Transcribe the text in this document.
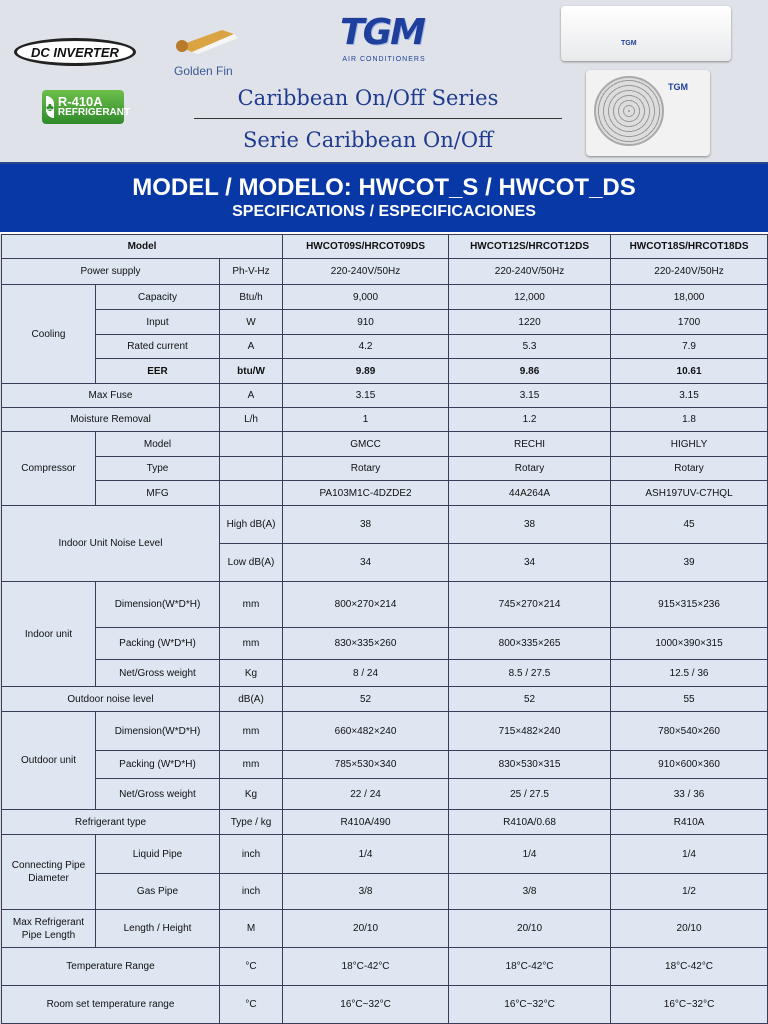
DC INVERTER
Golden Fin
♣ R-410A
REFRIGERANT
TGM
AIR CONDITIONERS
Caribbean On/Off Series
Serie Caribbean On/Off
TGM
TGM
MODEL / MODELO: HWCOT_S / HWCOT_DS
SPECIFICATIONS / ESPECIFICACIONES
Model			HWCOT09S/HRCOT09DS	HWCOT12S/HRCOT12DS	HWCOT18S/HRCOT18DS
Power supply		Ph-V-Hz	220-240V/50Hz	220-240V/50Hz	220-240V/50Hz
Cooling	Capacity	Btu/h	9,000	12,000	18,000
	Input	W	910	1220	1700
	Rated current	A	4.2	5.3	7.9
	EER	btu/W	9.89	9.86	10.61
Max Fuse		A	3.15	3.15	3.15
Moisture Removal		L/h	1	1.2	1.8
Compressor	Model		GMCC	RECHI	HIGHLY
	Type		Rotary	Rotary	Rotary
	MFG		PA103M1C-4DZDE2	44A264A	ASH197UV-C7HQL
Indoor Unit Noise Level		High dB(A)	38	38	45
		Low dB(A)	34	34	39
Indoor unit	Dimension(W*D*H)	mm	800×270×214	745×270×214	915×315×236
	Packing (W*D*H)	mm	830×335×260	800×335×265	1000×390×315
	Net/Gross weight	Kg	8 / 24	8.5 / 27.5	12.5 / 36
Outdoor noise level		dB(A)	52	52	55
Outdoor unit	Dimension(W*D*H)	mm	660×482×240	715×482×240	780×540×260
	Packing (W*D*H)	mm	785×530×340	830×530×315	910×600×360
	Net/Gross weight	Kg	22 / 24	25 / 27.5	33 / 36
Refrigerant type		Type / kg	R410A/490	R410A/0.68	R410A
Connecting Pipe Diameter	Liquid Pipe	inch	1/4	1/4	1/4
	Gas Pipe	inch	3/8	3/8	1/2
Max Refrigerant Pipe Length	Length / Height	M	20/10	20/10	20/10
Temperature Range		°C	18°C-42°C	18°C-42°C	18°C-42°C
Room set temperature range		°C	16°C~32°C	16°C~32°C	16°C~32°C
